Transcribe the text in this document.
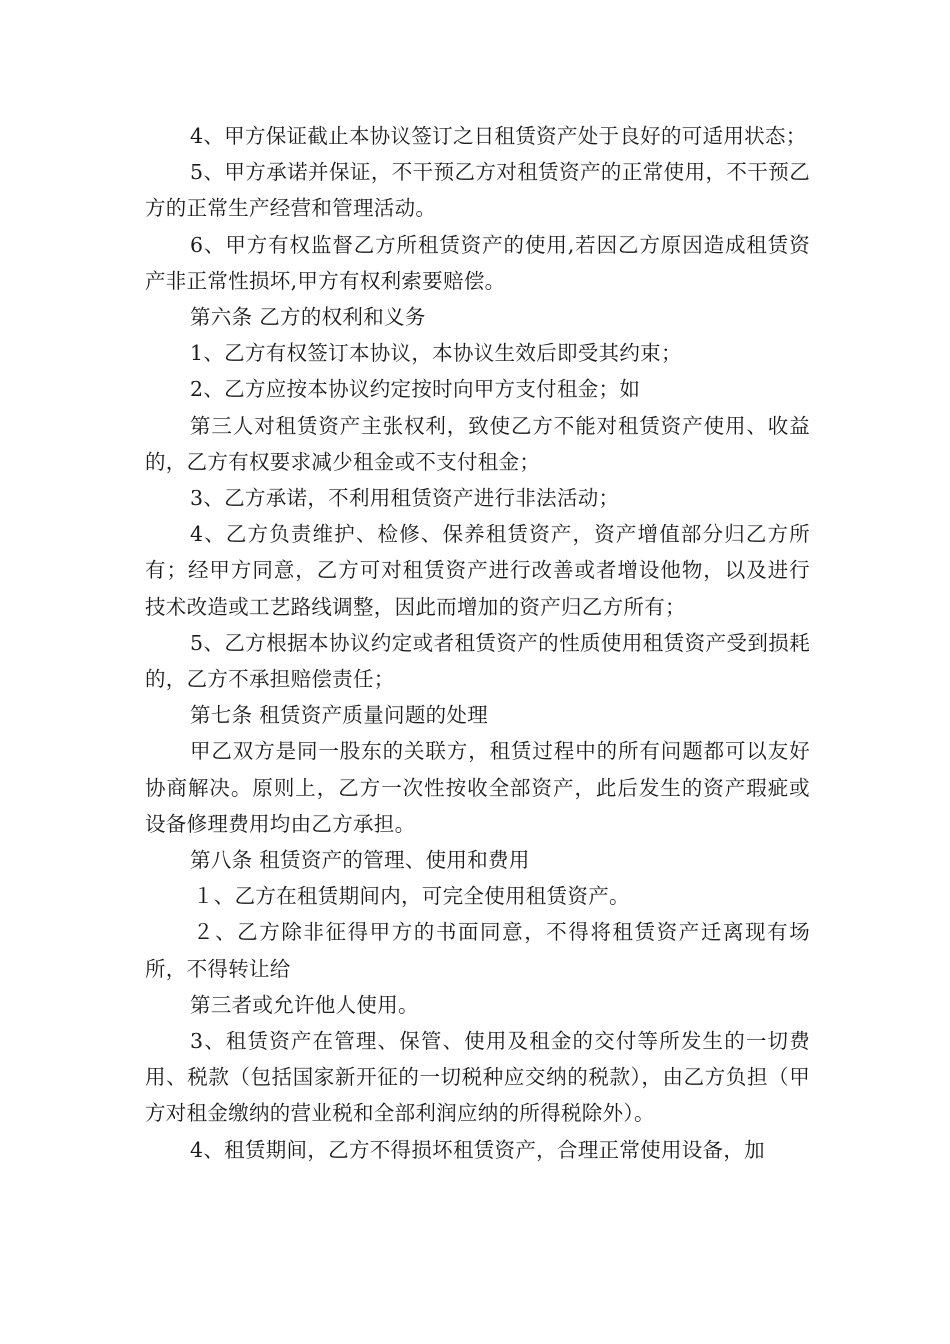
4、甲方保证截止本协议签订之日租赁资产处于良好的可适用状态；

5、甲方承诺并保证，不干预乙方对租赁资产的正常使用，不干预乙方的正常生产经营和管理活动。

6、甲方有权监督乙方所租赁资产的使用,若因乙方原因造成租赁资产非正常性损坏,甲方有权利索要赔偿。

第六条 乙方的权利和义务

1、乙方有权签订本协议，本协议生效后即受其约束；

2、乙方应按本协议约定按时向甲方支付租金；如

第三人对租赁资产主张权利，致使乙方不能对租赁资产使用、收益的，乙方有权要求减少租金或不支付租金；

3、乙方承诺，不利用租赁资产进行非法活动；

4、乙方负责维护、检修、保养租赁资产，资产增值部分归乙方所有；经甲方同意，乙方可对租赁资产进行改善或者增设他物，以及进行技术改造或工艺路线调整，因此而增加的资产归乙方所有；

5、乙方根据本协议约定或者租赁资产的性质使用租赁资产受到损耗的，乙方不承担赔偿责任；

第七条 租赁资产质量问题的处理

甲乙双方是同一股东的关联方，租赁过程中的所有问题都可以友好协商解决。原则上，乙方一次性按收全部资产，此后发生的资产瑕疵或设备修理费用均由乙方承担。

第八条 租赁资产的管理、使用和费用

１、乙方在租赁期间内，可完全使用租赁资产。

２、乙方除非征得甲方的书面同意，不得将租赁资产迁离现有场所，不得转让给

第三者或允许他人使用。

3、租赁资产在管理、保管、使用及租金的交付等所发生的一切费用、税款（包括国家新开征的一切税种应交纳的税款），由乙方负担（甲方对租金缴纳的营业税和全部利润应纳的所得税除外）。

4、租赁期间，乙方不得损坏租赁资产，合理正常使用设备，加
